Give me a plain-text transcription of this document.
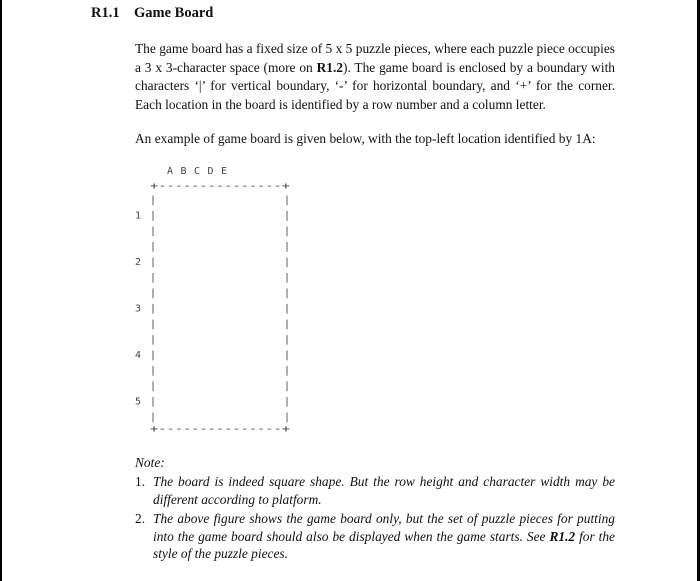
R1.1 Game Board
The game board has a fixed size of 5 x 5 puzzle pieces, where each puzzle piece occupies a 3 x 3-character space (more on R1.2). The game board is enclosed by a boundary with characters ‘|’ for vertical boundary, ‘-’ for horizontal boundary, and ‘+’ for the corner. Each location in the board is identified by a row number and a column letter.
An example of game board is given below, with the top-left location identified by 1A:
A B C D E
+---------------+
+---------------+
|	|
|	|
|	|
|	|
|	|
|	|
|	|
|	|
|	|
|	|
|	|
|	|
|	|
|	|
|	|
1
2
3
4
5
Note:
1. The board is indeed square shape. But the row height and character width may be different according to platform.
2. The above figure shows the game board only, but the set of puzzle pieces for putting into the game board should also be displayed when the game starts. See R1.2 for the style of the puzzle pieces.
